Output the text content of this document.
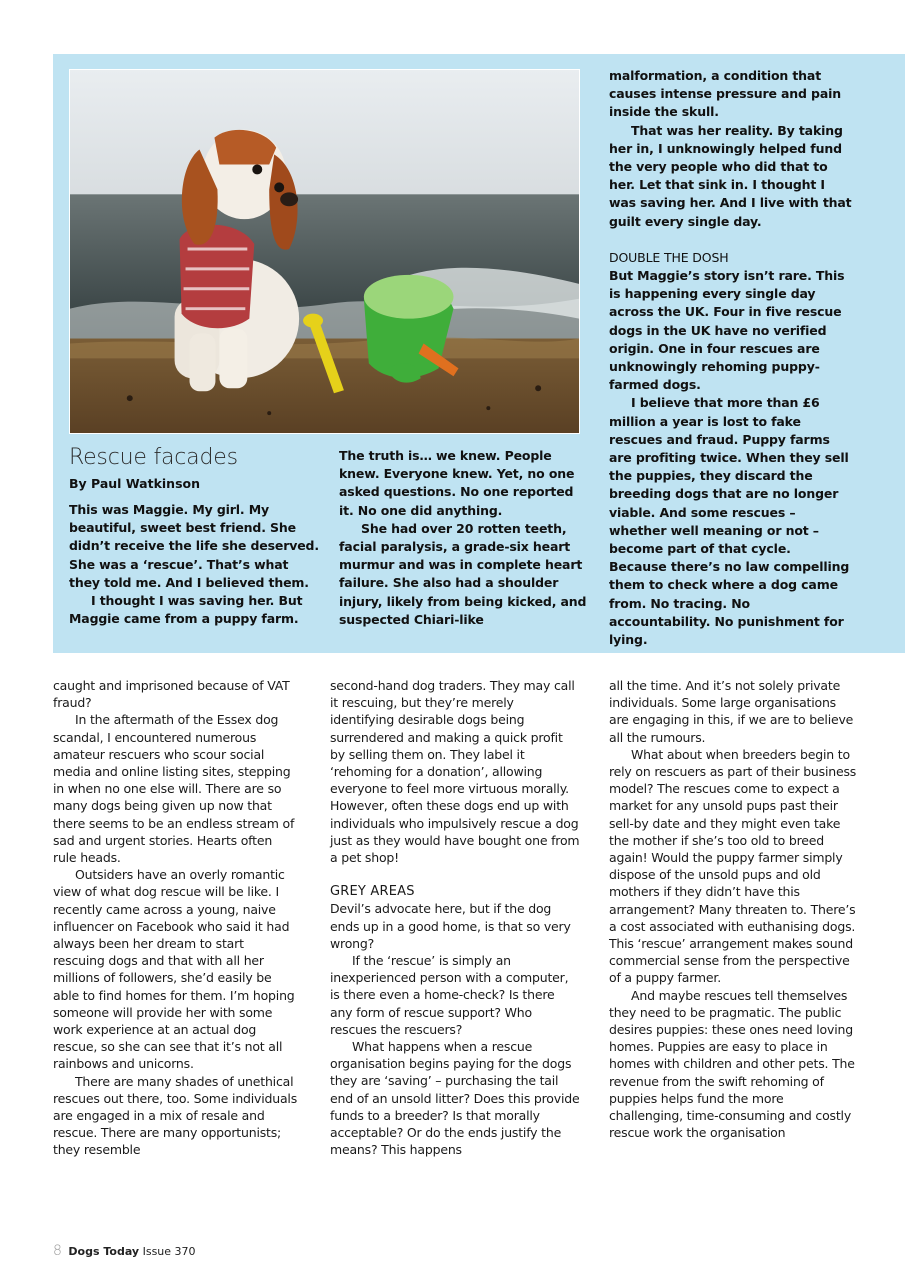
Rescue facades

By Paul Watkinson

This was Maggie. My girl. My beautiful, sweet best friend. She didn’t receive the life she deserved. She was a ‘rescue’. That’s what they told me. And I believed them.

I thought I was saving her. But Maggie came from a puppy farm.

The truth is… we knew. People knew. Everyone knew. Yet, no one asked questions. No one reported it. No one did anything.

She had over 20 rotten teeth, facial paralysis, a grade-six heart murmur and was in complete heart failure. She also had a shoulder injury, likely from being kicked, and suspected Chiari-like

malformation, a condition that causes intense pressure and pain inside the skull.

That was her reality. By taking her in, I unknowingly helped fund the very people who did that to her. Let that sink in. I thought I was saving her. And I live with that guilt every single day.

DOUBLE THE DOSH

But Maggie’s story isn’t rare. This is happening every single day across the UK. Four in five rescue dogs in the UK have no verified origin. One in four rescues are unknowingly rehoming puppy-farmed dogs.

I believe that more than £6 million a year is lost to fake rescues and fraud. Puppy farms are profiting twice. When they sell the puppies, they discard the breeding dogs that are no longer viable. And some rescues – whether well meaning or not – become part of that cycle. Because there’s no law compelling them to check where a dog came from. No tracing. No accountability. No punishment for lying.

caught and imprisoned because of VAT fraud?

In the aftermath of the Essex dog scandal, I encountered numerous amateur rescuers who scour social media and online listing sites, stepping in when no one else will. There are so many dogs being given up now that there seems to be an endless stream of sad and urgent stories. Hearts often rule heads.

Outsiders have an overly romantic view of what dog rescue will be like. I recently came across a young, naive influencer on Facebook who said it had always been her dream to start rescuing dogs and that with all her millions of followers, she’d easily be able to find homes for them. I’m hoping someone will provide her with some work experience at an actual dog rescue, so she can see that it’s not all rainbows and unicorns.

There are many shades of unethical rescues out there, too. Some individuals are engaged in a mix of resale and rescue. There are many opportunists; they resemble

second-hand dog traders. They may call it rescuing, but they’re merely identifying desirable dogs being surrendered and making a quick profit by selling them on. They label it ‘rehoming for a donation’, allowing everyone to feel more virtuous morally. However, often these dogs end up with individuals who impulsively rescue a dog just as they would have bought one from a pet shop!

GREY AREAS

Devil’s advocate here, but if the dog ends up in a good home, is that so very wrong?

If the ‘rescue’ is simply an inexperienced person with a computer, is there even a home-check? Is there any form of rescue support? Who rescues the rescuers?

What happens when a rescue organisation begins paying for the dogs they are ‘saving’ – purchasing the tail end of an unsold litter? Does this provide funds to a breeder? Is that morally acceptable? Or do the ends justify the means? This happens

all the time. And it’s not solely private individuals. Some large organisations are engaging in this, if we are to believe all the rumours.

What about when breeders begin to rely on rescuers as part of their business model? The rescues come to expect a market for any unsold pups past their sell-by date and they might even take the mother if she’s too old to breed again! Would the puppy farmer simply dispose of the unsold pups and old mothers if they didn’t have this arrangement? Many threaten to. There’s a cost associated with euthanising dogs. This ‘rescue’ arrangement makes sound commercial sense from the perspective of a puppy farmer.

And maybe rescues tell themselves they need to be pragmatic. The public desires puppies: these ones need loving homes. Puppies are easy to place in homes with children and other pets. The revenue from the swift rehoming of puppies helps fund the more challenging, time-consuming and costly rescue work the organisation

8 Dogs Today Issue 370
